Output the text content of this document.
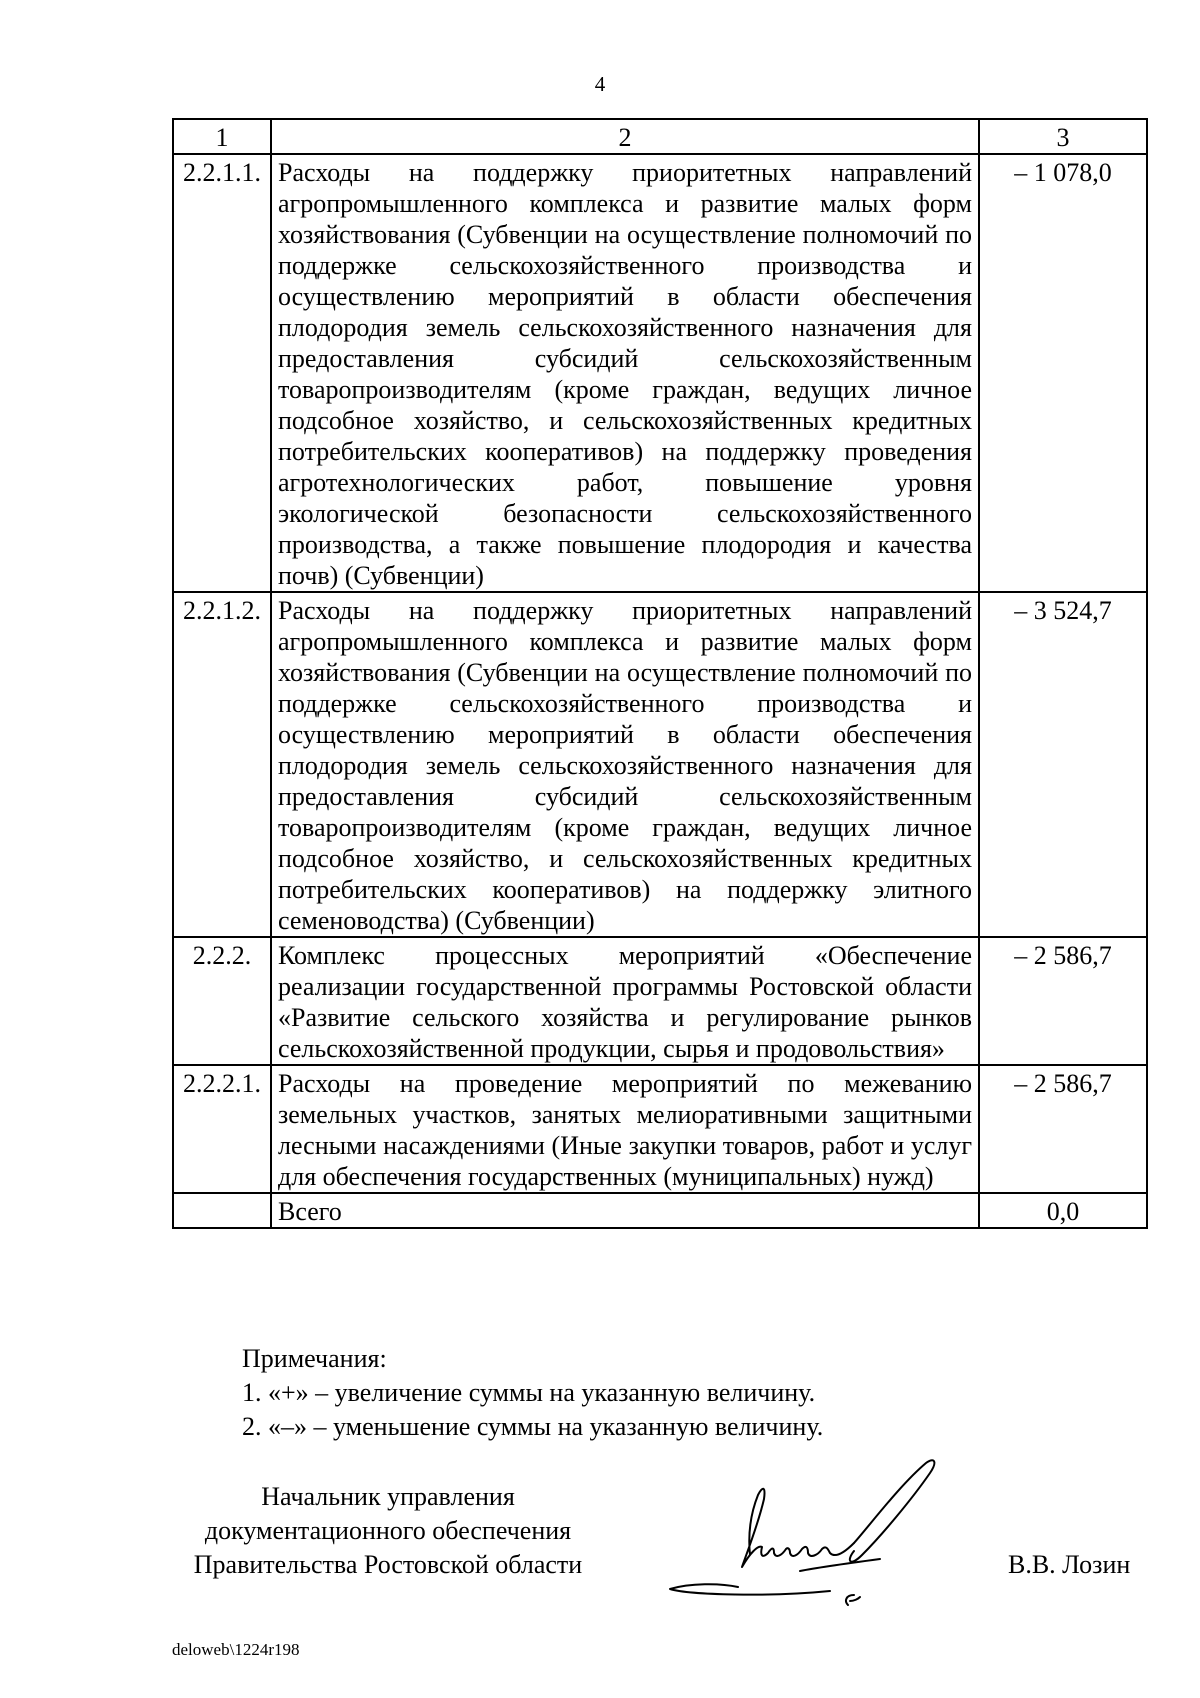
4
1	2	3
2.2.1.1.	Расходы на поддержку приоритетных направлений агропромышленного комплекса и развитие малых форм хозяйствования (Субвенции на осуществление полномочий по поддержке сельскохозяйственного производства и осуществлению мероприятий в области обеспечения плодородия земель сельскохозяйственного назначения для предоставления субсидий сельскохозяйственным товаропроизводителям (кроме граждан, ведущих личное подсобное хозяйство, и сельскохозяйственных кредитных потребительских кооперативов) на поддержку проведения агротехнологических работ, повышение уровня экологической безопасности сельскохозяйственного производства, а также повышение плодородия и качества почв) (Субвенции)	– 1 078,0
2.2.1.2.	Расходы на поддержку приоритетных направлений агропромышленного комплекса и развитие малых форм хозяйствования (Субвенции на осуществление полномочий по поддержке сельскохозяйственного производства и осуществлению мероприятий в области обеспечения плодородия земель сельскохозяйственного назначения для предоставления субсидий сельскохозяйственным товаропроизводителям (кроме граждан, ведущих личное подсобное хозяйство, и сельскохозяйственных кредитных потребительских кооперативов) на поддержку элитного семеноводства) (Субвенции)	– 3 524,7
2.2.2.	Комплекс процессных мероприятий «Обеспечение реализации государственной программы Ростовской области «Развитие сельского хозяйства и регулирование рынков сельскохозяйственной продукции, сырья и продовольствия»	– 2 586,7
2.2.2.1.	Расходы на проведение мероприятий по межеванию земельных участков, занятых мелиоративными защитными лесными насаждениями (Иные закупки товаров, работ и услуг для обеспечения государственных (муниципальных) нужд)	– 2 586,7
	Всего	0,0
Примечания:
1. «+» – увеличение суммы на указанную величину.
2. «–» – уменьшение суммы на указанную величину.
Начальник управления
документационного обеспечения
Правительства Ростовской области	В.В. Лозин
deloweb\1224r198
